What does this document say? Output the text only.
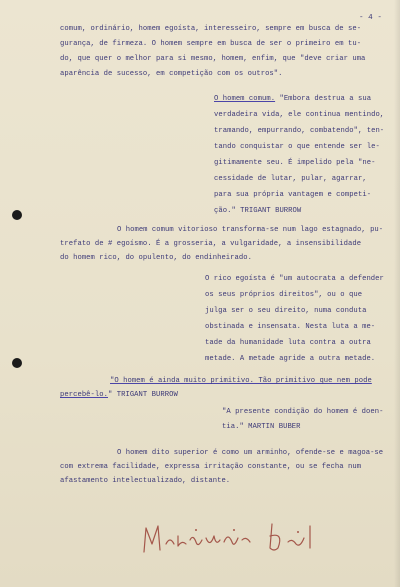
- 4 -
comum, ordinário, homem egoísta, interesseiro, sempre em busca de se-
gurança, de firmeza. O homem sempre em busca de ser o primeiro em tu-
do, que quer o melhor para si mesmo, homem, enfim, que "deve criar uma
aparência de sucesso, em competição com os outros".
O homem comum. "Embora destrua a sua
verdadeira vida, ele continua mentindo,
tramando, empurrando, combatendo", ten-
tando conquistar o que entende ser le-
gitimamente seu. É impelido pela "ne-
cessidade de lutar, pular, agarrar,
para sua própria vantagem e competi-
ção." TRIGANT BURROW
O homem comum vitorioso transforma-se num lago estagnado, pu-
trefato de # egoísmo. É a grosseria, a vulgaridade, a insensibilidade
do homem rico, do opulento, do endinheirado.
O rico egoísta é "um autocrata a defender
os seus próprios direitos", ou o que
julga ser o seu direito, numa conduta
obstinada e insensata. Nesta luta a me-
tade da humanidade luta contra a outra
metade. A metade agride a outra metade.
"O homem é ainda muito primitivo. Tão primitivo que nem pode
percebê-lo." TRIGANT BURROW
"A presente condição do homem é doen-
tia." MARTIN BUBER
O homem dito superior é como um arminho, ofende-se e magoa-se
com extrema facilidade, expressa irritação constante, ou se fecha num
afastamento intelectualizado, distante.
